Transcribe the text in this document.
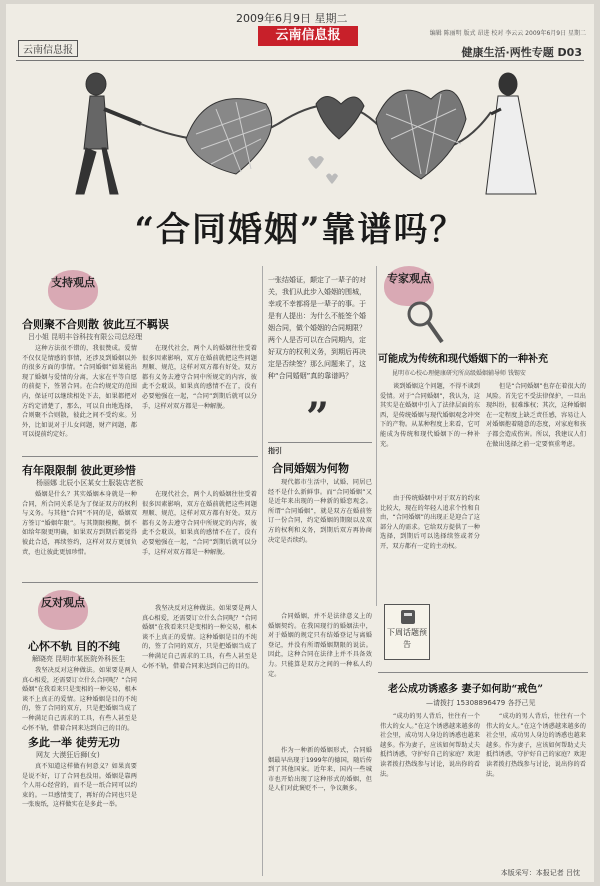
2009年6月9日 星期二
云南信息报	编辑 陈丽明 版式 昂进 校对 李云云 2009年6月9日 星期二
云南信息报	健康生活·两性专题 D03
“合同婚姻”靠谱吗？
支持观点
合则聚不合则散 彼此互不羁误
吕小姐 昆明丰谷科技有限公司总经理
这种方法很不错的，我很赞成。爱情不仅仅是情感的事情，还涉及到婚姻以外的很多方面的事情。“合同婚姻”如果能出现了婚姻与爱情的分离，大家在平等自愿的前提下，签署合同。在合约规定的范围内，保证可以继续相处下去，如果都把对方约定清楚了，那么，可以自由地选择，合则聚不合则散，彼此之间不受约束。另外，比如说对于儿女问题，财产问题，都可以提前约定好。
在现代社会，两个人的婚姻往往受着很多因素影响，双方在婚前就把这些问题理顺、规范，这样对双方都有好处。双方都有义务去遵守合同中所规定的内容，彼此不会耽误，如果真的感情不在了，没有必要勉强在一起，“合同”到期后就可以分手，这样对双方都是一种解脱。
有年限限制 彼此更珍惜
杨丽娜 北辰小区某女士服装店老板
婚姻是什么？其实婚姻本身就是一种合同，所合同关系是为了保证双方的权利与义务。与其他“合同”不同的是，婚姻双方签订“婚姻年限”。与其期限模糊，倒不如给年限更明确，如果双方到期后都觉得彼此合适，再续签约，这样对双方更加负责，也让彼此更加珍惜。
在现代社会，两个人的婚姻往往受着很多因素影响，双方在婚前就把这些问题理顺、规范，这样对双方都有好处。双方都有义务去遵守合同中所规定的内容，彼此不会耽误，如果真的感情不在了，没有必要勉强在一起，“合同”到期后就可以分手，这样对双方都是一种解脱。
反对观点
心怀不轨 目的不纯
解晓亮 昆明市某医院外科医生
我坚决反对这种做法。如果要是两人真心相爱，还需要订立什么合同呢？“合同婚姻”在我看来只是变相的一种交易，根本谈不上真正的爱情。这种婚姻是目的不纯的，签了合同的双方，只是把婚姻当成了一种满足自己需求的工具，有些人甚至是心怀不轨，借着合同来达到自己的目的。
多此一举 徒劳无功
网友 大漠狂后狮(女)
真不知道这样做有何意义？如果真要是说不好，订了合同也没用。婚姻是靠两个人用心经营的，而不是一纸合同可以约束的。一旦感情变了，再好的合同也只是一张废纸，这样做实在是多此一举。
我坚决反对这种做法。如果要是两人真心相爱，还需要订立什么合同呢？“合同婚姻”在我看来只是变相的一种交易，根本谈不上真正的爱情。这种婚姻是目的不纯的，签了合同的双方，只是把婚姻当成了一种满足自己需求的工具，有些人甚至是心怀不轨，借着合同来达到自己的目的。
一张结婚证，颠定了一辈子的对关，我们从此步入婚姻的围城，幸或不幸都将是一辈子的事。于是有人提出：为什么不能签个婚姻合同，做个婚姻的合同期限？两个人是否可以在合同期内，定好双方的权利义务，到期后再决定是否续签？那么问题来了，这种“合同婚姻”真的靠谱吗？
”
指引
合同婚姻为何物
现代都市生活中，试婚、同居已经不是什么新鲜事。而“合同婚姻”又是近年来出现的一种新的婚恋观念。所谓“合同婚姻”，就是双方在婚前签订一份合同，约定婚姻的期限以及双方的权利和义务，到期后双方再协商决定是否续约。
合同婚姻，并不是法律意义上的婚姻契约。在我国现行的婚姻法中，对于婚姻的规定只有结婚登记与离婚登记，并没有所谓婚姻期限的说法。因此，这种合同在法律上并不具备效力。只能算是双方之间的一种私人约定。
作为一种新的婚姻形式，合同婚姻最早出现于1999年的德国，随后传到了其他国家。近年来，国内一些城市也开始出现了这种形式的婚姻，但是人们对此褒贬不一，争议颇多。
专家观点
可能成为传统和现代婚姻下的一种补充
昆明市心校心理健康研究所高级婚姻辅导师 钱锡安
谈到婚姻这个问题，不得不谈到爱情。对于“合同婚姻”，我认为，这其实是在婚姻中引入了法律层面的东西，是传统婚姻与现代婚姻观念冲突下的产物。从某种程度上来看，它可能成为传统和现代婚姻下的一种补充。
但是“合同婚姻”也存在着很大的风险。首先它不受法律保护，一旦出现纠纷，很难维权；其次，这种婚姻在一定程度上缺乏责任感，容易让人对婚姻抱着随意的态度，对家庭和孩子都会造成伤害。所以，我建议人们在做出选择之前一定要慎重考虑。
由于传统婚姻中对于双方的约束比较大，现在的年轻人追求个性和自由，“合同婚姻”的出现正是迎合了这部分人的需求。它给双方提供了一种选择，到期后可以选择续签或者分开，双方都有一定的主动权。
下周话题预告
老公成功诱惑多 妻子如何助“戒色”
—请拨打 15308896479 各抒己见
“成功的男人背后，往往有一个伟大的女人。”在这个诱惑越来越多的社会里，成功男人身边的诱惑也越来越多。作为妻子，应该如何帮助丈夫抵挡诱惑，守护好自己的家庭？欢迎读者拨打热线参与讨论，说出你的看法。
“成功的男人背后，往往有一个伟大的女人。”在这个诱惑越来越多的社会里，成功男人身边的诱惑也越来越多。作为妻子，应该如何帮助丈夫抵挡诱惑，守护好自己的家庭？欢迎读者拨打热线参与讨论，说出你的看法。
本版采写：本报记者 吕忱
